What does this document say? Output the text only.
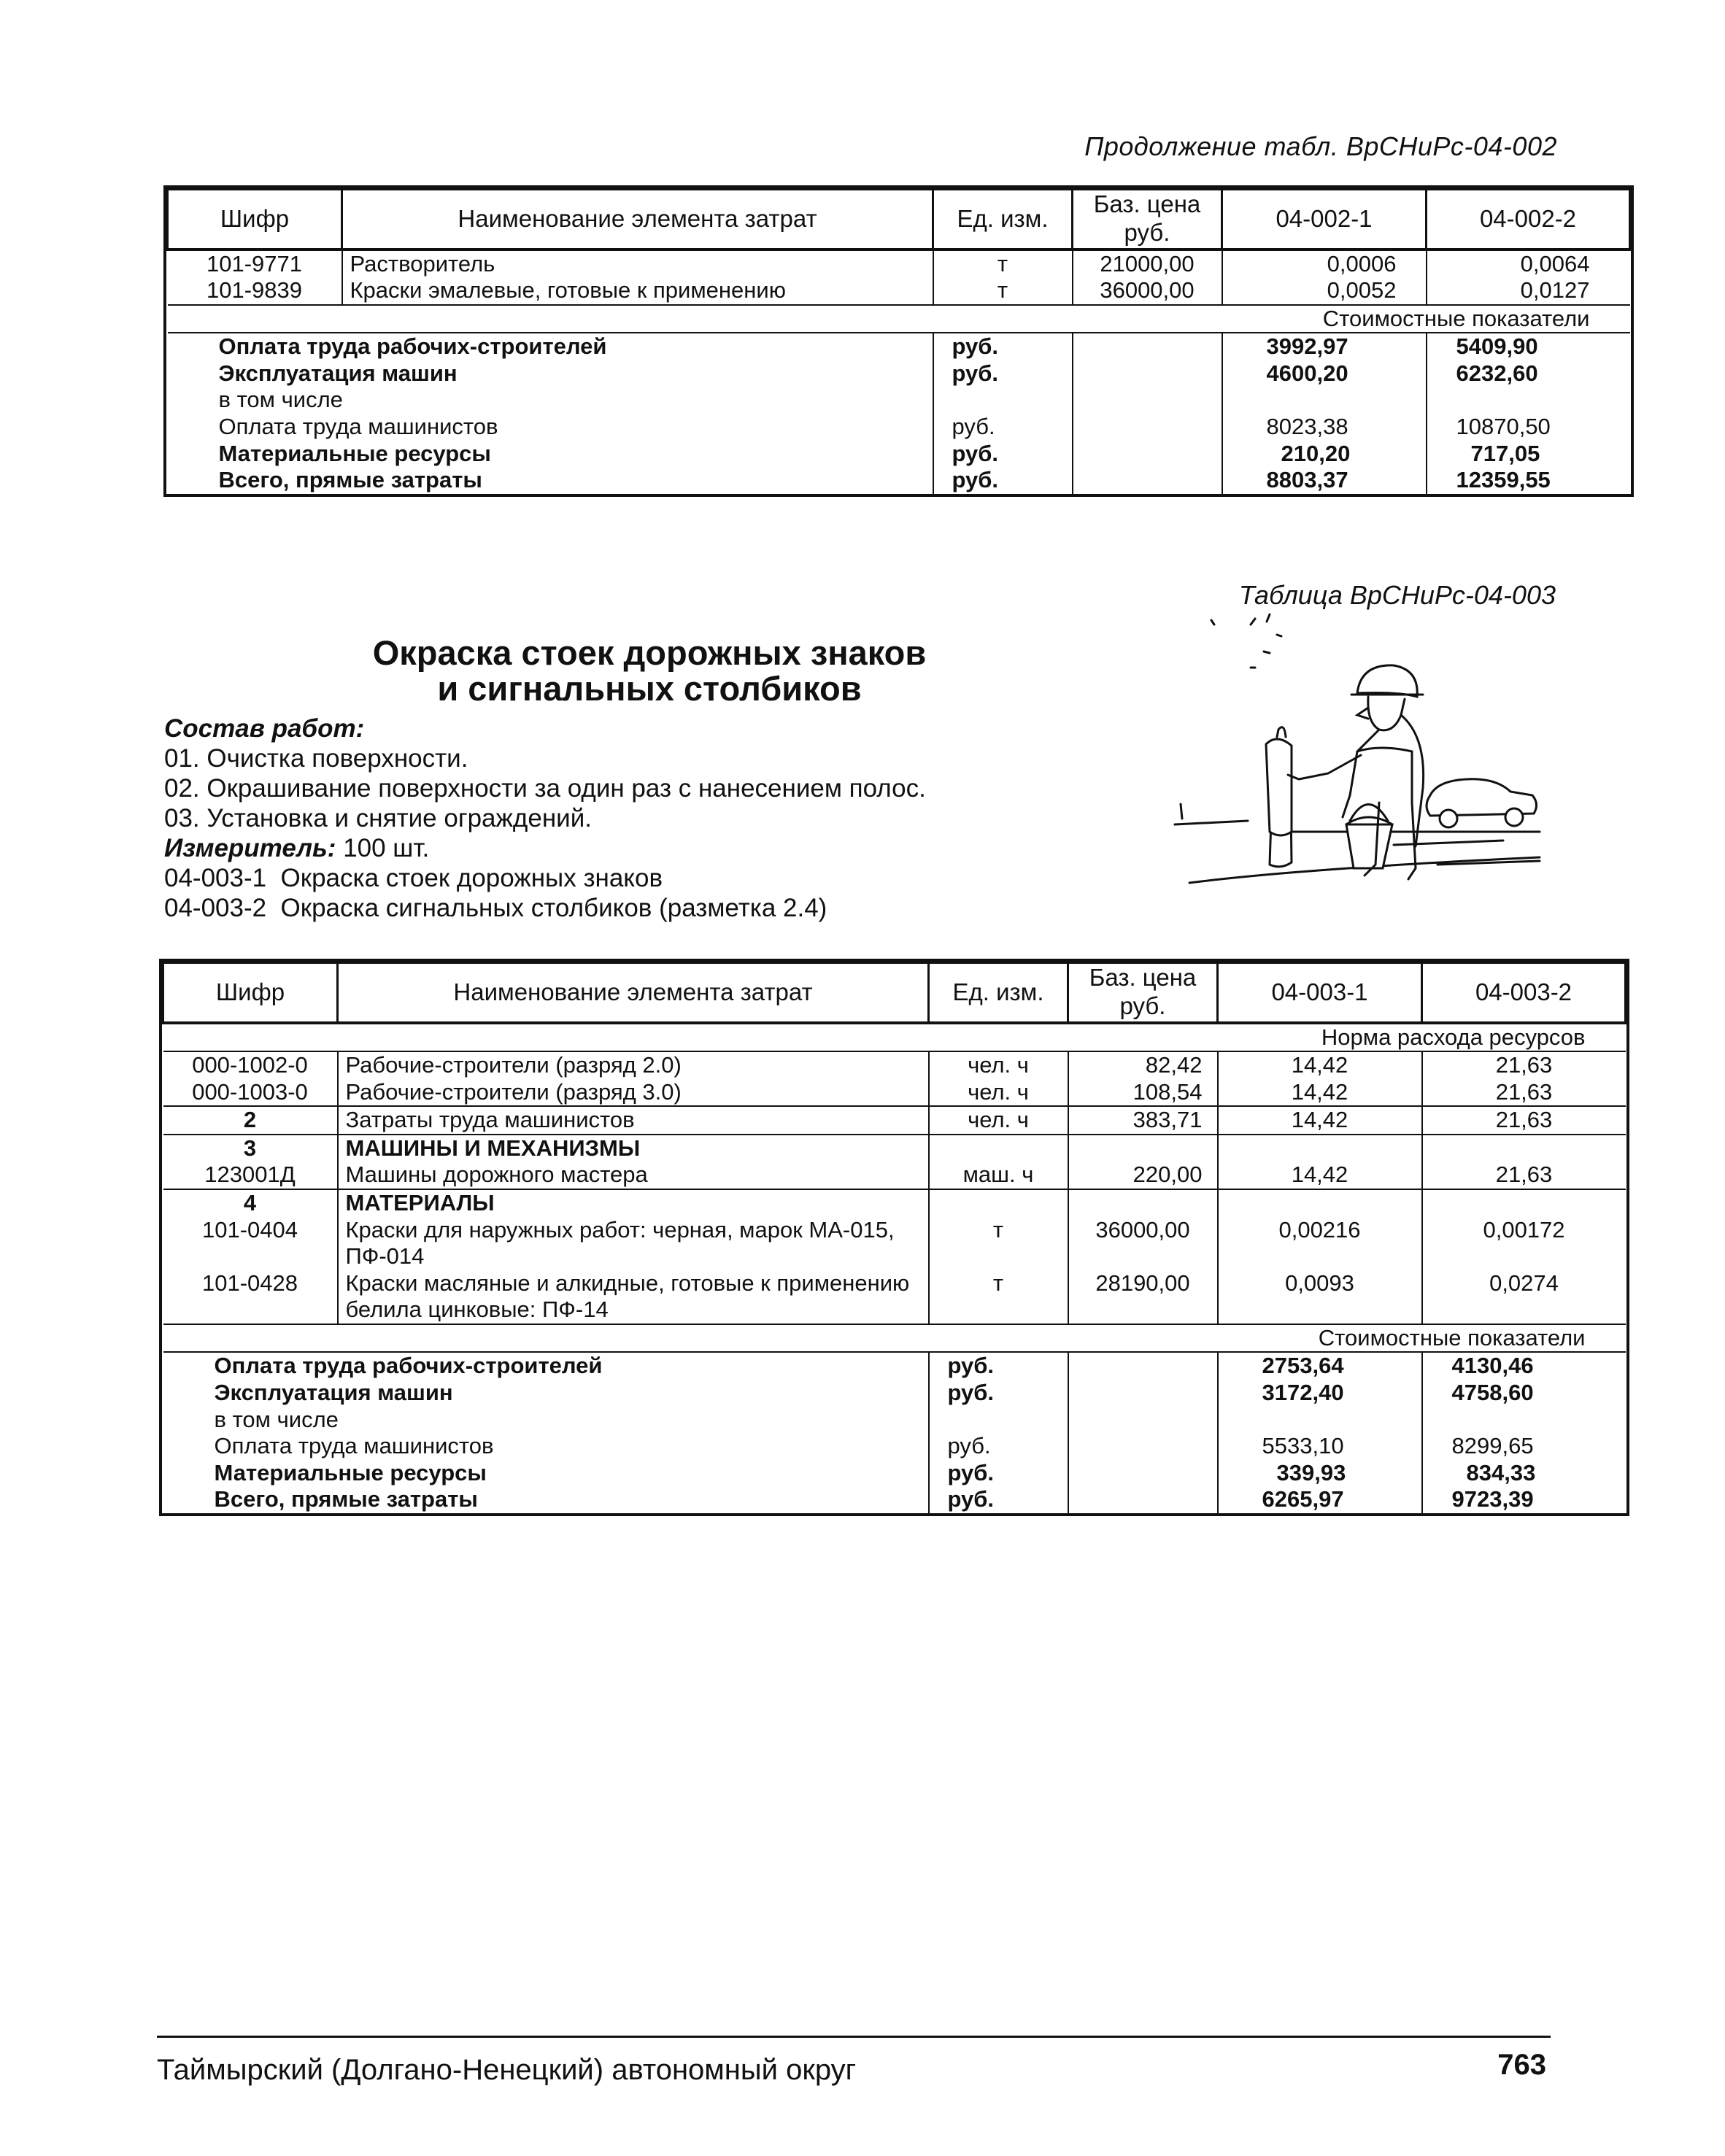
Продолжение табл. ВрСНиРс-04-002
Шифр	Наименование элемента затрат	Ед. изм.	Баз. цена руб.	04-002-1	04-002-2
101-9771	Растворитель	т	21000,00	0,0006	0,0064
101-9839	Краски эмалевые, готовые к применению	т	36000,00	0,0052	0,0127
Стоимостные показатели					
Оплата труда рабочих-строителей		руб.		3992,97	5409,90
Эксплуатация машин		руб.		4600,20	6232,60
в том числе					
Оплата труда машинистов		руб.		8023,38	10870,50
Материальные ресурсы		руб.		210,20	717,05
Всего, прямые затраты		руб.		8803,37	12359,55
Таблица ВрСНиРс-04-003
Окраска стоек дорожных знаков
и сигнальных столбиков
Состав работ:
01. Очистка поверхности.
02. Окрашивание поверхности за один раз с нанесением полос.
03. Установка и снятие ограждений.
Измеритель: 100 шт.
04-003-1  Окраска стоек дорожных знаков
04-003-2  Окраска сигнальных столбиков (разметка 2.4)
Шифр	Наименование элемента затрат	Ед. изм.	Баз. цена руб.	04-003-1	04-003-2
Норма расхода ресурсов					
000-1002-0	Рабочие-строители (разряд 2.0)	чел. ч	82,42	14,42	21,63
000-1003-0	Рабочие-строители (разряд 3.0)	чел. ч	108,54	14,42	21,63
2	Затраты труда машинистов	чел. ч	383,71	14,42	21,63
3	МАШИНЫ И МЕХАНИЗМЫ				
123001Д	Машины дорожного мастера	маш. ч	220,00	14,42	21,63
4	МАТЕРИАЛЫ				
101-0404	Краски для наружных работ: черная, марок МА-015, ПФ-014	т	36000,00	0,00216	0,00172
101-0428	Краски масляные и алкидные, готовые к применению белила цинковые: ПФ-14	т	28190,00	0,0093	0,0274
Стоимостные показатели					
Оплата труда рабочих-строителей		руб.		2753,64	4130,46
Эксплуатация машин		руб.		3172,40	4758,60
в том числе					
Оплата труда машинистов		руб.		5533,10	8299,65
Материальные ресурсы		руб.		339,93	834,33
Всего, прямые затраты		руб.		6265,97	9723,39
Таймырский (Долгано-Ненецкий) автономный округ	763
